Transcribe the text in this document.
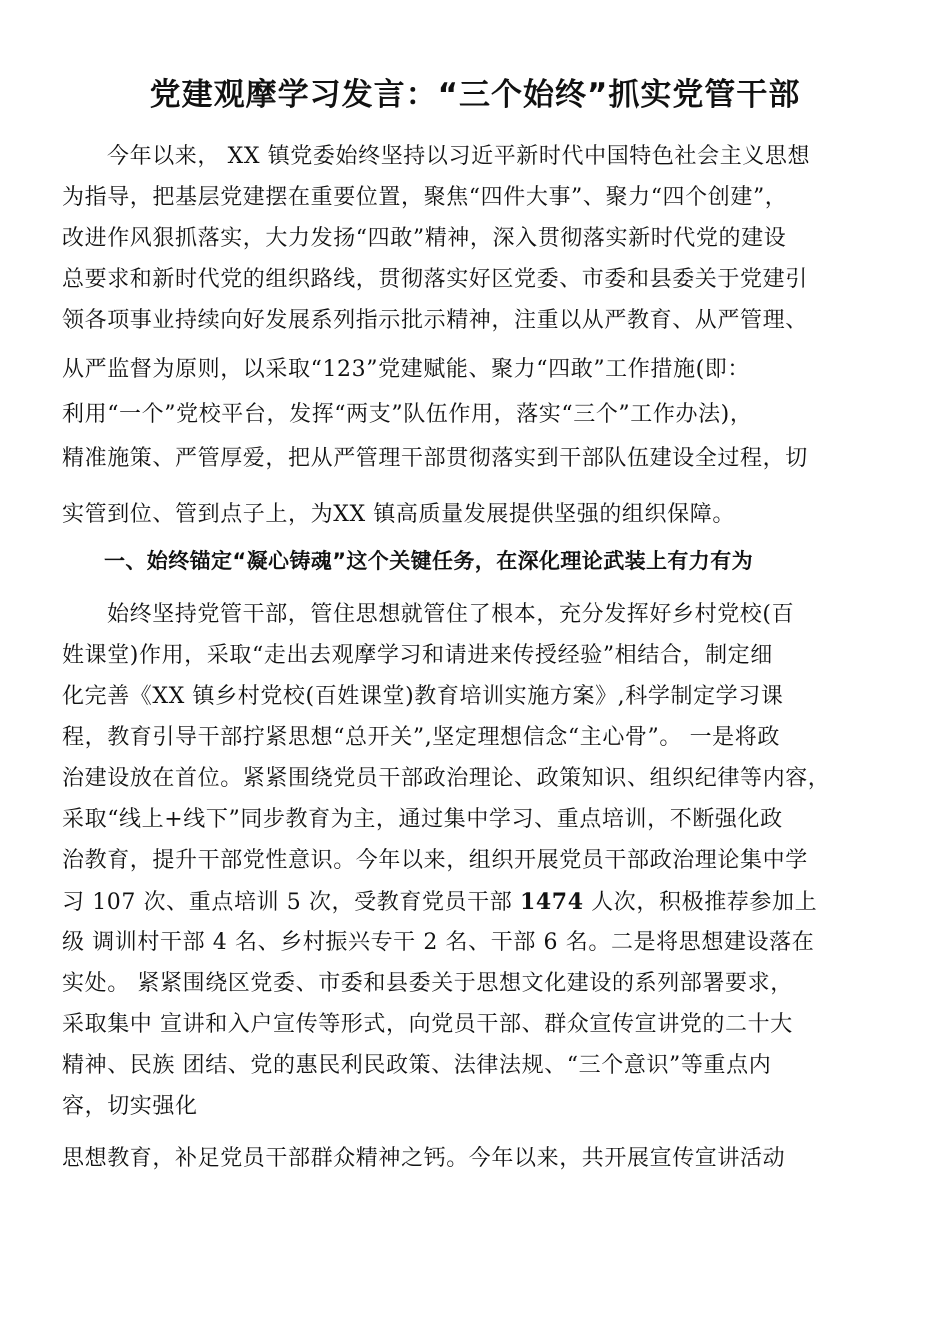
党建观摩学习发言：“三个始终”抓实党管干部
今年以来， XX 镇党委始终坚持以习近平新时代中国特色社会主义思想
为指导，把基层党建摆在重要位置，聚焦“四件大事”、聚力“四个创建”，
改进作风狠抓落实，大力发扬“四敢”精神，深入贯彻落实新时代党的建设
总要求和新时代党的组织路线，贯彻落实好区党委、市委和县委关于党建引
领各项事业持续向好发展系列指示批示精神，注重以从严教育、从严管理、
从严监督为原则，以采取“123”党建赋能、聚力“四敢”工作措施(即：
利用“一个”党校平台，发挥“两支”队伍作用，落实“三个”工作办法)，
精准施策、严管厚爱，把从严管理干部贯彻落实到干部队伍建设全过程，切
实管到位、管到点子上，为XX 镇高质量发展提供坚强的组织保障。
一、始终锚定“凝心铸魂”这个关键任务，在深化理论武装上有力有为
始终坚持党管干部，管住思想就管住了根本，充分发挥好乡村党校(百
姓课堂)作用，采取“走出去观摩学习和请进来传授经验”相结合，制定细
化完善《XX 镇乡村党校(百姓课堂)教育培训实施方案》,科学制定学习课
程，教育引导干部拧紧思想“总开关”,坚定理想信念“主心骨”。 一是将政
治建设放在首位。紧紧围绕党员干部政治理论、政策知识、组织纪律等内容，
采取“线上+线下”同步教育为主，通过集中学习、重点培训，不断强化政
治教育，提升干部党性意识。今年以来，组织开展党员干部政治理论集中学
习 107 次、重点培训 5 次，受教育党员干部 1474 人次，积极推荐参加上
级 调训村干部 4 名、乡村振兴专干 2 名、干部 6 名。二是将思想建设落在
实处。 紧紧围绕区党委、市委和县委关于思想文化建设的系列部署要求，
采取集中 宣讲和入户宣传等形式，向党员干部、群众宣传宣讲党的二十大
精神、民族 团结、党的惠民利民政策、法律法规、“三个意识”等重点内
容，切实强化
思想教育，补足党员干部群众精神之钙。今年以来，共开展宣传宣讲活动
